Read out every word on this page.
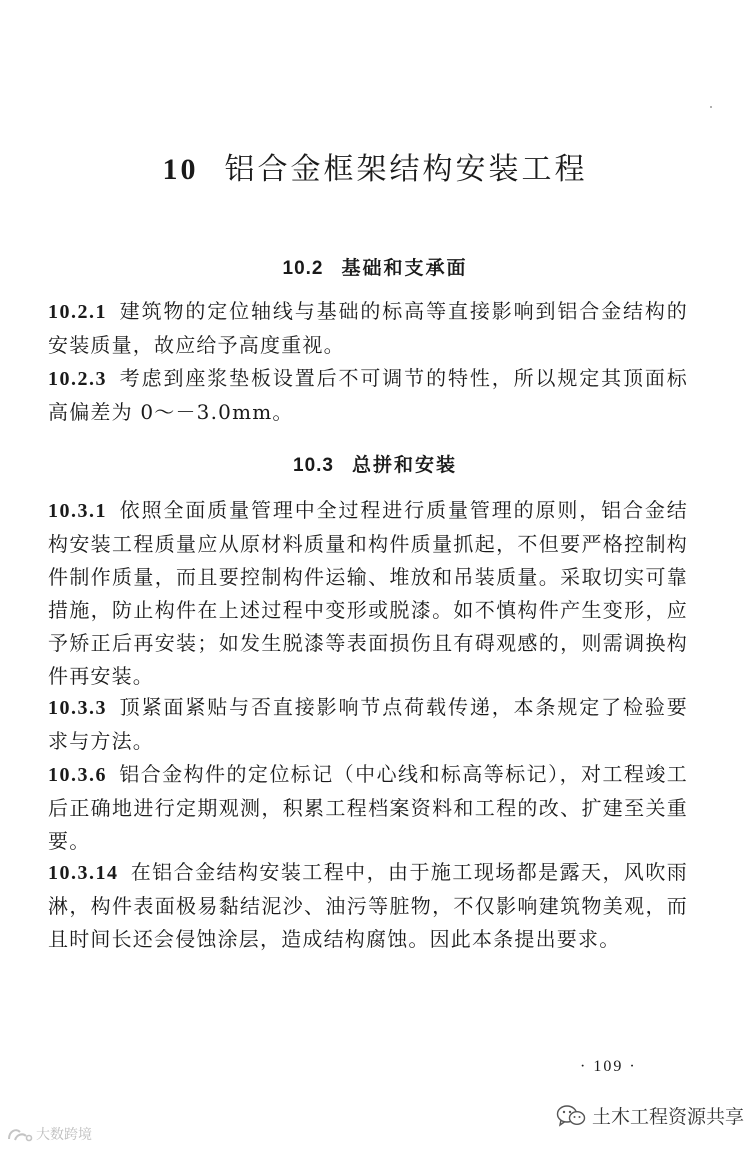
10 铝合金框架结构安装工程
10.2 基础和支承面

10.2.1 建筑物的定位轴线与基础的标高等直接影响到铝合金结构的安装质量，故应给予高度重视。

10.2.3 考虑到座浆垫板设置后不可调节的特性，所以规定其顶面标高偏差为 0～－3.0mm。

10.3 总拼和安装

10.3.1 依照全面质量管理中全过程进行质量管理的原则，铝合金结构安装工程质量应从原材料质量和构件质量抓起，不但要严格控制构件制作质量，而且要控制构件运输、堆放和吊装质量。采取切实可靠措施，防止构件在上述过程中变形或脱漆。如不慎构件产生变形，应予矫正后再安装；如发生脱漆等表面损伤且有碍观感的，则需调换构件再安装。

10.3.3 顶紧面紧贴与否直接影响节点荷载传递，本条规定了检验要求与方法。

10.3.6 铝合金构件的定位标记（中心线和标高等标记），对工程竣工后正确地进行定期观测，积累工程档案资料和工程的改、扩建至关重要。

10.3.14 在铝合金结构安装工程中，由于施工现场都是露天，风吹雨淋，构件表面极易黏结泥沙、油污等脏物，不仅影响建筑物美观，而且时间长还会侵蚀涂层，造成结构腐蚀。因此本条提出要求。

· 109 ·
土木工程资源共享
大数跨境
